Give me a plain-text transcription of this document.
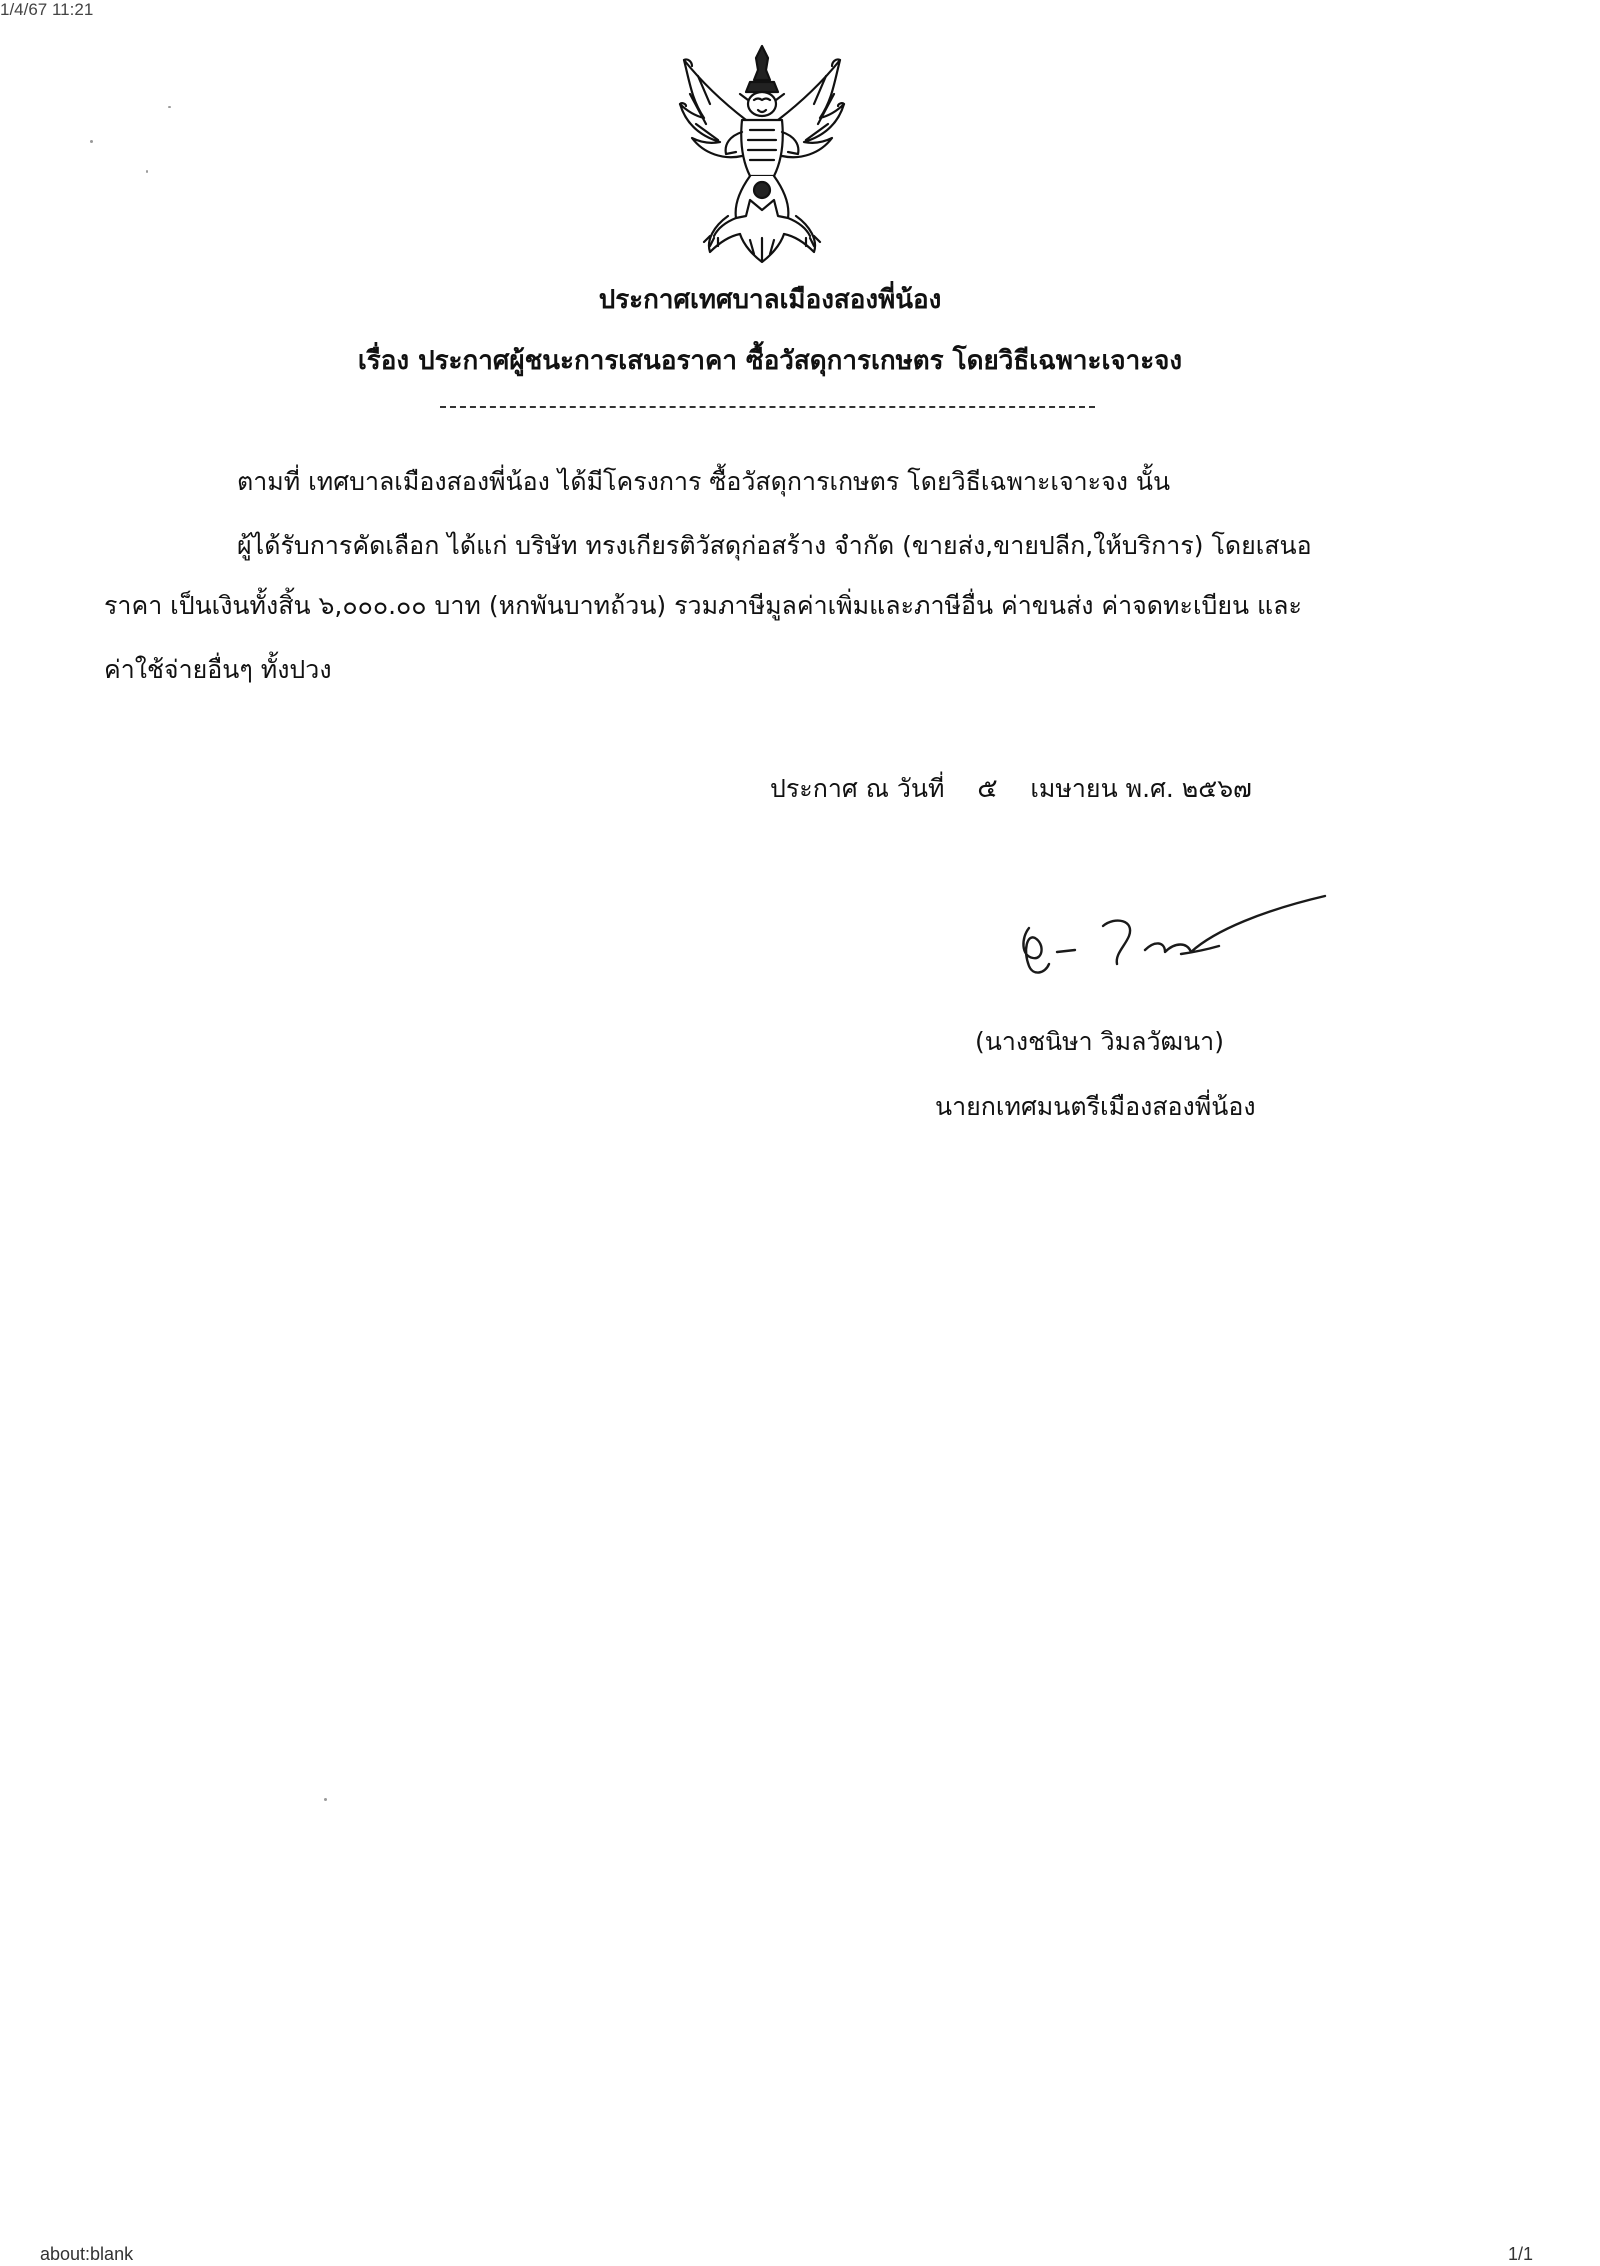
1/4/67 11:21
ประกาศเทศบาลเมืองสองพี่น้อง
เรื่อง ประกาศผู้ชนะการเสนอราคา ซื้อวัสดุการเกษตร โดยวิธีเฉพาะเจาะจง
ตามที่ เทศบาลเมืองสองพี่น้อง ได้มีโครงการ ซื้อวัสดุการเกษตร โดยวิธีเฉพาะเจาะจง นั้น
ผู้ได้รับการคัดเลือก ได้แก่ บริษัท ทรงเกียรติวัสดุก่อสร้าง จำกัด (ขายส่ง,ขายปลีก,ให้บริการ) โดยเสนอ
ราคา เป็นเงินทั้งสิ้น ๖,๐๐๐.๐๐ บาท (หกพันบาทถ้วน) รวมภาษีมูลค่าเพิ่มและภาษีอื่น ค่าขนส่ง ค่าจดทะเบียน และ
ค่าใช้จ่ายอื่นๆ ทั้งปวง
ประกาศ ณ วันที่ ๕ เมษายน พ.ศ. ๒๕๖๗
(นางชนิษา วิมลวัฒนา)
นายกเทศมนตรีเมืองสองพี่น้อง
about:blank	1/1
